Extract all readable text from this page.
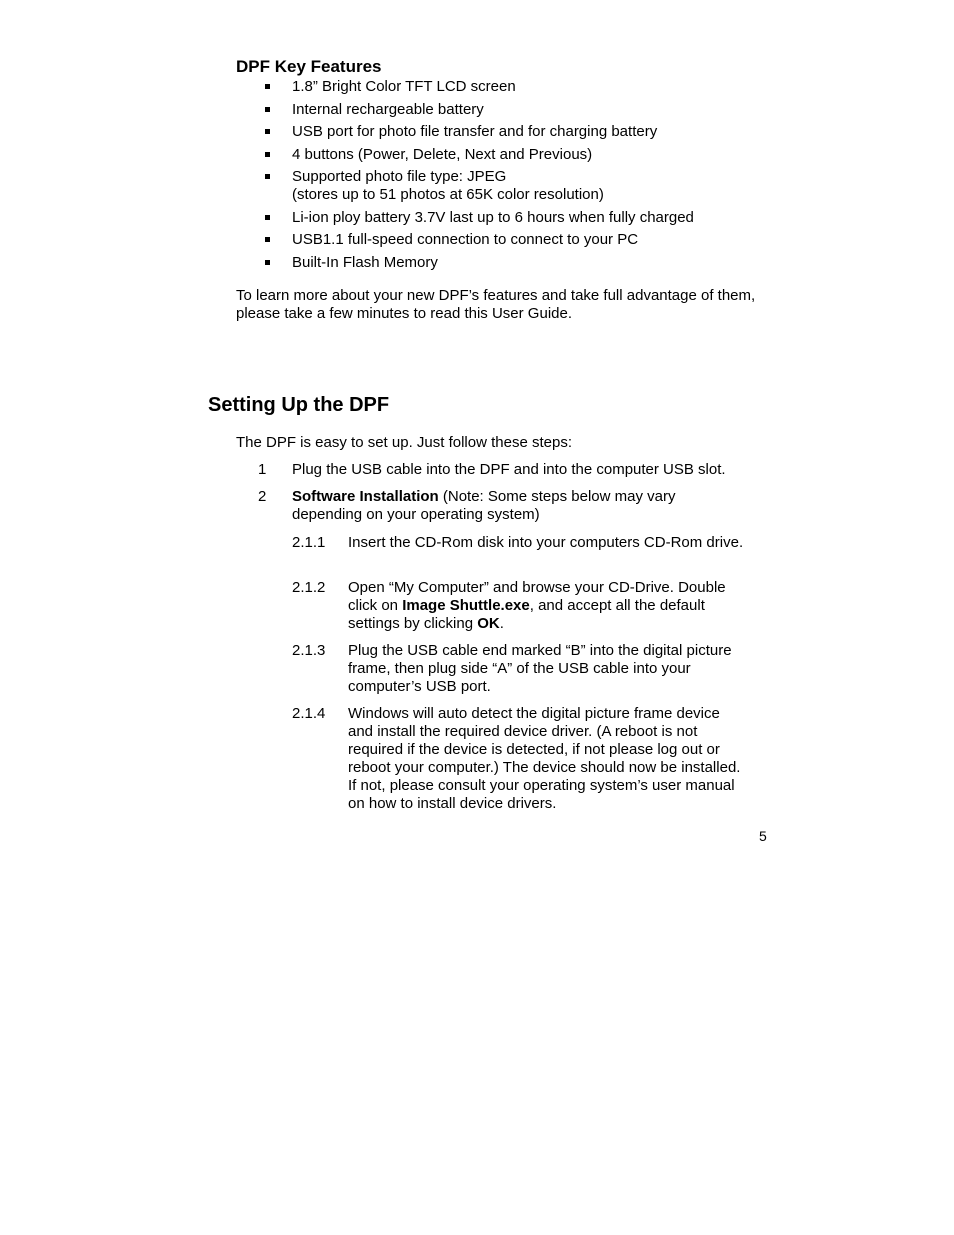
DPF Key Features
1.8” Bright Color TFT LCD screen
Internal rechargeable battery
USB port for photo file transfer and for charging battery
4 buttons (Power, Delete, Next and Previous)
Supported photo file type: JPEG
(stores up to 51 photos at 65K color resolution)
Li-ion ploy battery 3.7V last up to 6 hours when fully charged
USB1.1 full-speed connection to connect to your PC
Built-In Flash Memory

To learn more about your new DPF’s features and take full advantage of them, please take a few minutes to read this User Guide.

Setting Up the DPF

The DPF is easy to set up. Just follow these steps:

1 Plug the USB cable into the DPF and into the computer USB slot.
2 Software Installation (Note: Some steps below may vary depending on your operating system)
2.1.1 Insert the CD-Rom disk into your computers CD-Rom drive.
2.1.2 Open “My Computer” and browse your CD-Drive. Double click on Image Shuttle.exe, and accept all the default settings by clicking OK.
2.1.3 Plug the USB cable end marked “B” into the digital picture frame, then plug side “A” of the USB cable into your computer’s USB port.
2.1.4 Windows will auto detect the digital picture frame device and install the required device driver. (A reboot is not required if the device is detected, if not please log out or reboot your computer.) The device should now be installed. If not, please consult your operating system’s user manual on how to install device drivers.
5
